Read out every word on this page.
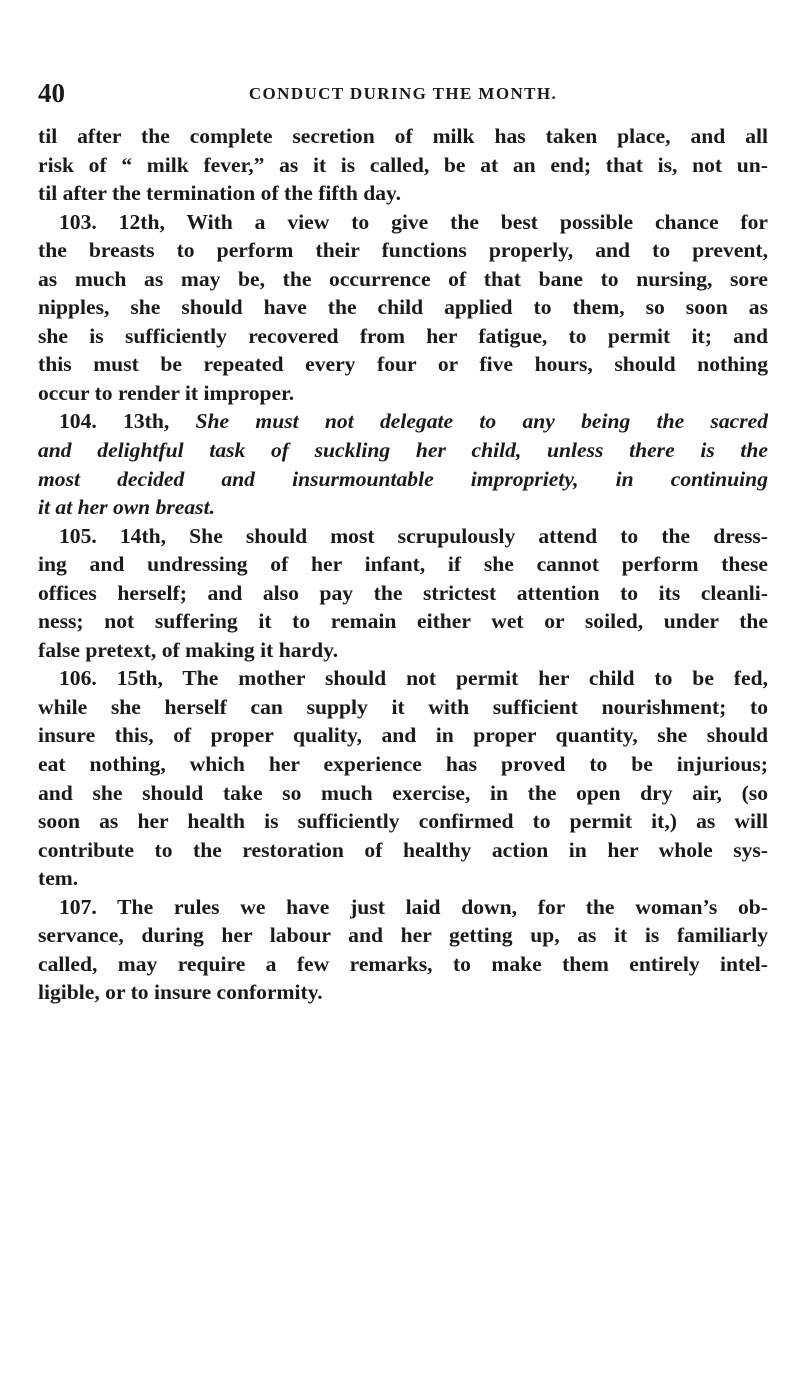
40	CONDUCT DURING THE MONTH.
til after the complete secretion of milk has taken place, and all
risk of “ milk fever,” as it is called, be at an end; that is, not un-
til after the termination of the fifth day.
103. 12th, With a view to give the best possible chance for
the breasts to perform their functions properly, and to prevent,
as much as may be, the occurrence of that bane to nursing, sore
nipples, she should have the child applied to them, so soon as
she is sufficiently recovered from her fatigue, to permit it; and
this must be repeated every four or five hours, should nothing
occur to render it improper.
104. 13th, She must not delegate to any being the sacred
and delightful task of suckling her child, unless there is the
most decided and insurmountable impropriety, in continuing
it at her own breast.
105. 14th, She should most scrupulously attend to the dress-
ing and undressing of her infant, if she cannot perform these
offices herself; and also pay the strictest attention to its cleanli-
ness; not suffering it to remain either wet or soiled, under the
false pretext, of making it hardy.
106. 15th, The mother should not permit her child to be fed,
while she herself can supply it with sufficient nourishment; to
insure this, of proper quality, and in proper quantity, she should
eat nothing, which her experience has proved to be injurious;
and she should take so much exercise, in the open dry air, (so
soon as her health is sufficiently confirmed to permit it,) as will
contribute to the restoration of healthy action in her whole sys-
tem.
107. The rules we have just laid down, for the woman’s ob-
servance, during her labour and her getting up, as it is familiarly
called, may require a few remarks, to make them entirely intel-
ligible, or to insure conformity.
